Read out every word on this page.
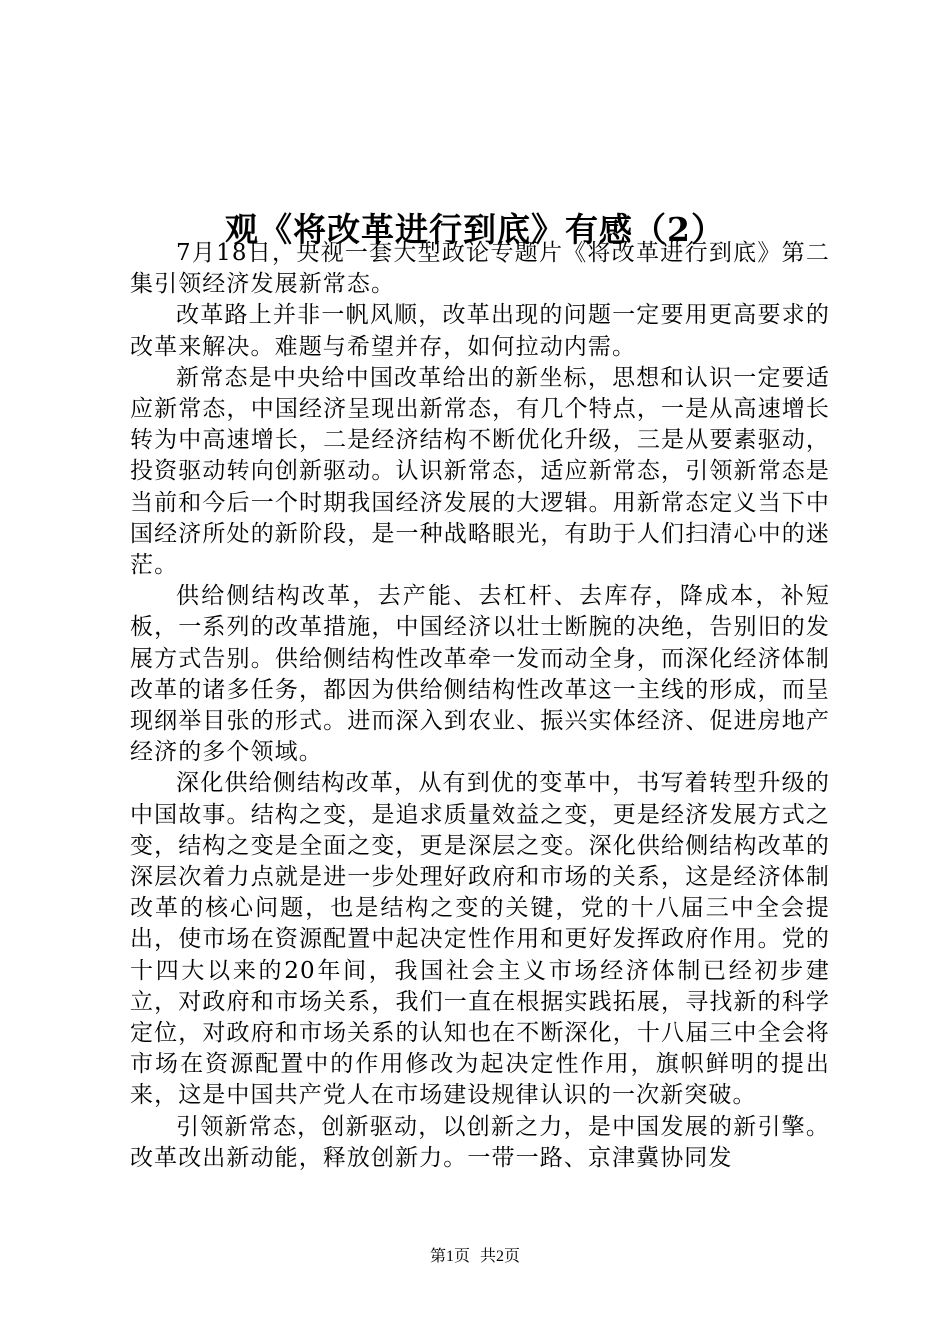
观《将改革进行到底》有感（2）

7月18日，央视一套大型政论专题片《将改革进行到底》第二集引领经济发展新常态。

改革路上并非一帆风顺，改革出现的问题一定要用更高要求的改革来解决。难题与希望并存，如何拉动内需。

新常态是中央给中国改革给出的新坐标，思想和认识一定要适应新常态，中国经济呈现出新常态，有几个特点，一是从高速增长转为中高速增长，二是经济结构不断优化升级，三是从要素驱动，投资驱动转向创新驱动。认识新常态，适应新常态，引领新常态是当前和今后一个时期我国经济发展的大逻辑。用新常态定义当下中国经济所处的新阶段，是一种战略眼光，有助于人们扫清心中的迷茫。

供给侧结构改革，去产能、去杠杆、去库存，降成本，补短板，一系列的改革措施，中国经济以壮士断腕的决绝，告别旧的发展方式告别。供给侧结构性改革牵一发而动全身，而深化经济体制改革的诸多任务，都因为供给侧结构性改革这一主线的形成，而呈现纲举目张的形式。进而深入到农业、振兴实体经济、促进房地产经济的多个领域。

深化供给侧结构改革，从有到优的变革中，书写着转型升级的中国故事。结构之变，是追求质量效益之变，更是经济发展方式之变，结构之变是全面之变，更是深层之变。深化供给侧结构改革的深层次着力点就是进一步处理好政府和市场的关系，这是经济体制改革的核心问题，也是结构之变的关键，党的十八届三中全会提出，使市场在资源配置中起决定性作用和更好发挥政府作用。党的十四大以来的20年间，我国社会主义市场经济体制已经初步建立，对政府和市场关系，我们一直在根据实践拓展，寻找新的科学定位，对政府和市场关系的认知也在不断深化，十八届三中全会将市场在资源配置中的作用修改为起决定性作用，旗帜鲜明的提出来，这是中国共产党人在市场建设规律认识的一次新突破。

引领新常态，创新驱动，以创新之力，是中国发展的新引擎。改革改出新动能，释放创新力。一带一路、京津冀协同发

第1页 共2页
